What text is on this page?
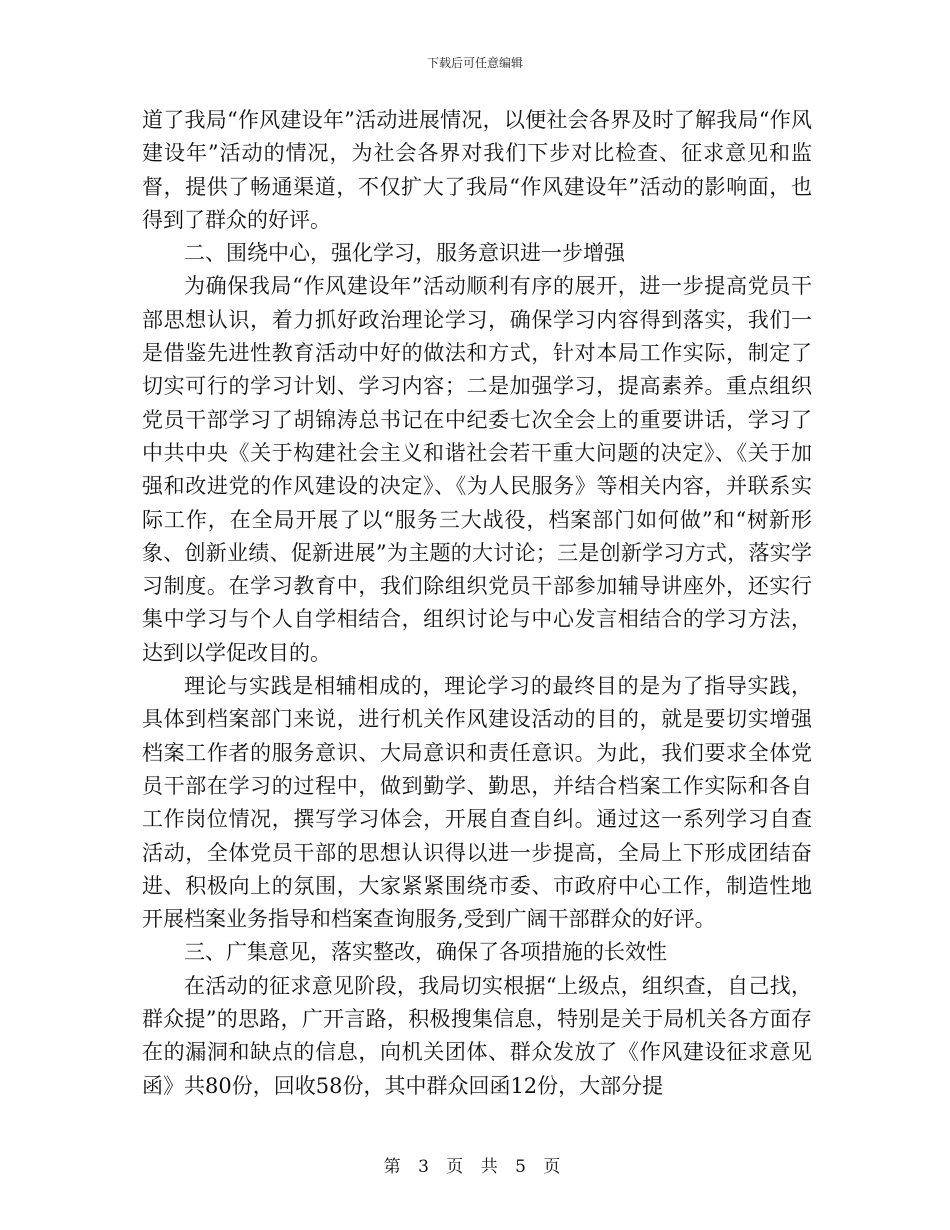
下载后可任意编辑

道了我局“作风建设年”活动进展情况，以便社会各界及时了解我局“作风建设年”活动的情况，为社会各界对我们下步对比检查、征求意见和监督，提供了畅通渠道，不仅扩大了我局“作风建设年”活动的影响面，也得到了群众的好评。

二、围绕中心，强化学习，服务意识进一步增强

为确保我局“作风建设年”活动顺利有序的展开，进一步提高党员干部思想认识，着力抓好政治理论学习，确保学习内容得到落实，我们一是借鉴先进性教育活动中好的做法和方式，针对本局工作实际，制定了切实可行的学习计划、学习内容；二是加强学习，提高素养。重点组织党员干部学习了胡锦涛总书记在中纪委七次全会上的重要讲话，学习了中共中央《关于构建社会主义和谐社会若干重大问题的决定》、《关于加强和改进党的作风建设的决定》、《为人民服务》等相关内容，并联系实际工作，在全局开展了以“服务三大战役，档案部门如何做”和“树新形象、创新业绩、促新进展”为主题的大讨论；三是创新学习方式，落实学习制度。在学习教育中，我们除组织党员干部参加辅导讲座外，还实行集中学习与个人自学相结合，组织讨论与中心发言相结合的学习方法，达到以学促改目的。

理论与实践是相辅相成的，理论学习的最终目的是为了指导实践，具体到档案部门来说，进行机关作风建设活动的目的，就是要切实增强档案工作者的服务意识、大局意识和责任意识。为此，我们要求全体党员干部在学习的过程中，做到勤学、勤思，并结合档案工作实际和各自工作岗位情况，撰写学习体会，开展自查自纠。通过这一系列学习自查活动，全体党员干部的思想认识得以进一步提高，全局上下形成团结奋进、积极向上的氛围，大家紧紧围绕市委、市政府中心工作，制造性地开展档案业务指导和档案查询服务,受到广阔干部群众的好评。

三、广集意见，落实整改，确保了各项措施的长效性

在活动的征求意见阶段，我局切实根据“上级点，组织查，自己找，群众提”的思路，广开言路，积极搜集信息，特别是关于局机关各方面存在的漏洞和缺点的信息，向机关团体、群众发放了《作风建设征求意见函》共80份，回收58份，其中群众回函12份，大部分提

第 3 页 共 5 页
